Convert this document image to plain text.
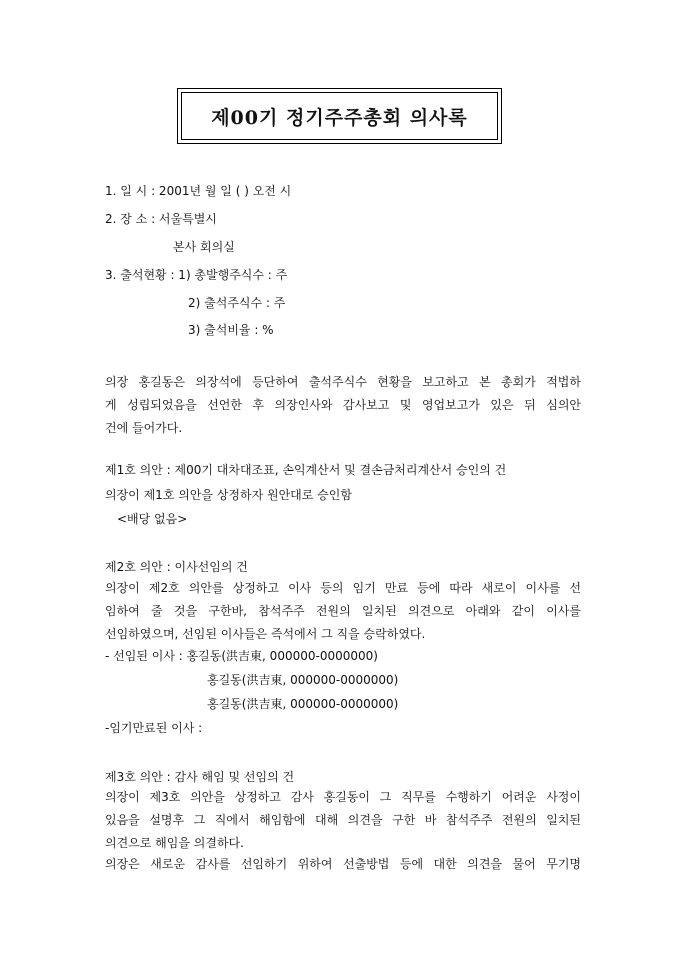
제00기 정기주주총회 의사록
1. 일 시 : 2001년 월 일 ( ) 오전 시
2. 장 소 : 서울특별시
본사 회의실
3. 출석현황 : 1) 총발행주식수 : 주
2) 출석주식수 : 주
3) 출석비율 : %

의장 홍길동은 의장석에 등단하여 출석주식수 현황을 보고하고 본 총회가 적법하

게 성립되었음을 선언한 후 의장인사와 감사보고 및 영업보고가 있은 뒤 심의안

건에 들어가다.

제1호 의안 : 제00기 대차대조표, 손익계산서 및 결손금처리계산서 승인의 건
의장이 제1호 의안을 상정하자 원안대로 승인함
<배당 없음>
제2호 의안 : 이사선임의 건

의장이 제2호 의안를 상정하고 이사 등의 임기 만료 등에 따라 새로이 이사를 선

임하여 줄 것을 구한바, 참석주주 전원의 일치된 의견으로 아래와 같이 이사를

선임하였으며, 선임된 이사들은 즉석에서 그 직을 승락하였다.

- 선임된 이사 : 홍길동(洪吉東, 000000-0000000)
홍길동(洪吉東, 000000-0000000)
홍길동(洪吉東, 000000-0000000)
-임기만료된 이사 :
제3호 의안 : 감사 해임 및 선임의 건

의장이 제3호 의안을 상정하고 감사 홍길동이 그 직무를 수행하기 어려운 사정이

있음을 설명후 그 직에서 해임함에 대해 의견을 구한 바 참석주주 전원의 일치된

의견으로 해임을 의결하다.

의장은 새로운 감사를 선임하기 위하여 선출방법 등에 대한 의견을 물어 무기명
